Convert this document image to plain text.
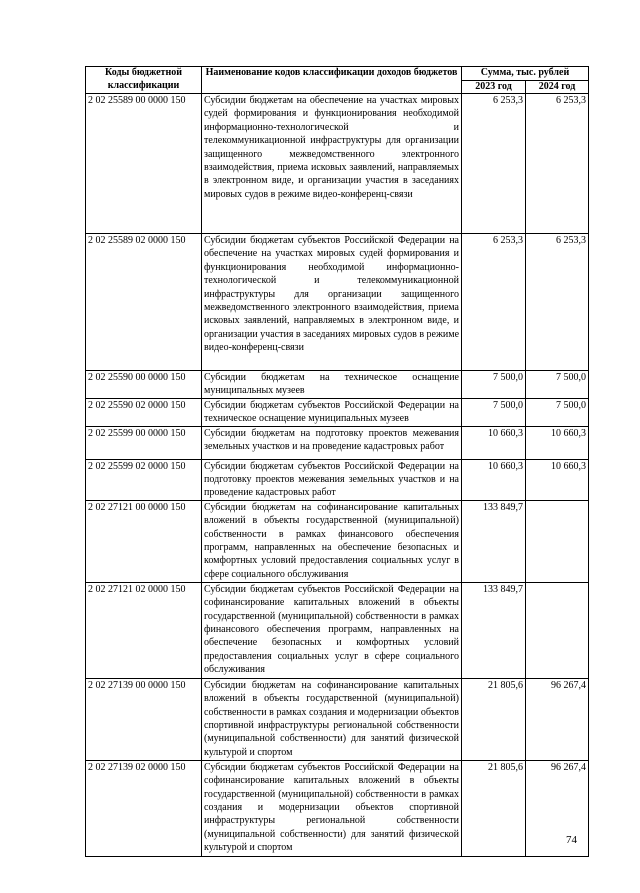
Коды бюджетной классификации	Наименование кодов классификации доходов бюджетов	Сумма, тыс. рублей	
		2023 год	2024 год
2 02 25589 00 0000 150	Субсидии бюджетам на обеспечение на участках мировых судей формирования и функционирования необходимой информационно-технологической и телекоммуникационной инфраструктуры для организации защищенного межведомственного электронного взаимодействия, приема исковых заявлений, направляемых в электронном виде, и организации участия в заседаниях мировых судов в режиме видео-конференц-связи	6 253,3	6 253,3
2 02 25589 02 0000 150	Субсидии бюджетам субъектов Российской Федерации на обеспечение на участках мировых судей формирования и функционирования необходимой информационно-технологической и телекоммуникационной инфраструктуры для организации защищенного межведомственного электронного взаимодействия, приема исковых заявлений, направляемых в электронном виде, и организации участия в заседаниях мировых судов в режиме видео-конференц-связи	6 253,3	6 253,3
2 02 25590 00 0000 150	Субсидии бюджетам на техническое оснащение муниципальных музеев	7 500,0	7 500,0
2 02 25590 02 0000 150	Субсидии бюджетам субъектов Российской Федерации на техническое оснащение муниципальных музеев	7 500,0	7 500,0
2 02 25599 00 0000 150	Субсидии бюджетам на подготовку проектов межевания земельных участков и на проведение кадастровых работ	10 660,3	10 660,3
2 02 25599 02 0000 150	Субсидии бюджетам субъектов Российской Федерации на подготовку проектов межевания земельных участков и на проведение кадастровых работ	10 660,3	10 660,3
2 02 27121 00 0000 150	Субсидии бюджетам на софинансирование капитальных вложений в объекты государственной (муниципальной) собственности в рамках финансового обеспечения программ, направленных на обеспечение безопасных и комфортных условий предоставления социальных услуг в сфере социального обслуживания	133 849,7	
2 02 27121 02 0000 150	Субсидии бюджетам субъектов Российской Федерации на софинансирование капитальных вложений в объекты государственной (муниципальной) собственности в рамках финансового обеспечения программ, направленных на обеспечение безопасных и комфортных условий предоставления социальных услуг в сфере социального обслуживания	133 849,7	
2 02 27139 00 0000 150	Субсидии бюджетам на софинансирование капитальных вложений в объекты государственной (муниципальной) собственности в рамках создания и модернизации объектов спортивной инфраструктуры региональной собственности (муниципальной собственности) для занятий физической культурой и спортом	21 805,6	96 267,4
2 02 27139 02 0000 150	Субсидии бюджетам субъектов Российской Федерации на софинансирование капитальных вложений в объекты государственной (муниципальной) собственности в рамках создания и модернизации объектов спортивной инфраструктуры региональной собственности (муниципальной собственности) для занятий физической культурой и спортом	21 805,6	96 267,4
74
